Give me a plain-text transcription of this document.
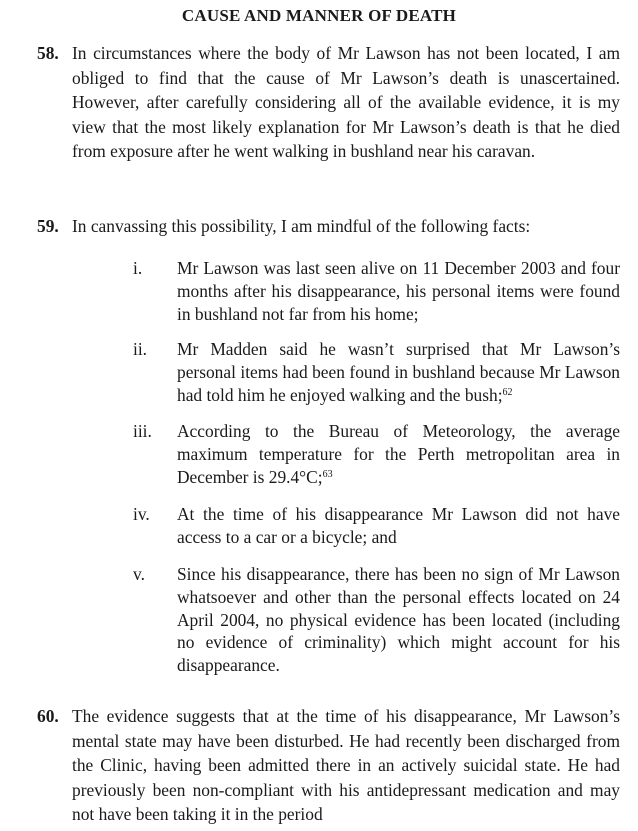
CAUSE AND MANNER OF DEATH
58. In circumstances where the body of Mr Lawson has not been located, I am obliged to find that the cause of Mr Lawson’s death is unascertained. However, after carefully considering all of the available evidence, it is my view that the most likely explanation for Mr Lawson’s death is that he died from exposure after he went walking in bushland near his caravan.
59. In canvassing this possibility, I am mindful of the following facts:
i.	Mr Lawson was last seen alive on 11 December 2003 and four months after his disappearance, his personal items were found in bushland not far from his home;
ii.	Mr Madden said he wasn’t surprised that Mr Lawson’s personal items had been found in bushland because Mr Lawson had told him he enjoyed walking and the bush;$^{62}$
iii.	According to the Bureau of Meteorology, the average maximum temperature for the Perth metropolitan area in December is 29.4°C;$^{63}$
iv.	At the time of his disappearance Mr Lawson did not have access to a car or a bicycle; and
v.	Since his disappearance, there has been no sign of Mr Lawson whatsoever and other than the personal effects located on 24 April 2004, no physical evidence has been located (including no evidence of criminality) which might account for his disappearance.
60. The evidence suggests that at the time of his disappearance, Mr Lawson’s mental state may have been disturbed. He had recently been discharged from the Clinic, having been admitted there in an actively suicidal state. He had previously been non-compliant with his antidepressant medication and may not have been taking it in the period
